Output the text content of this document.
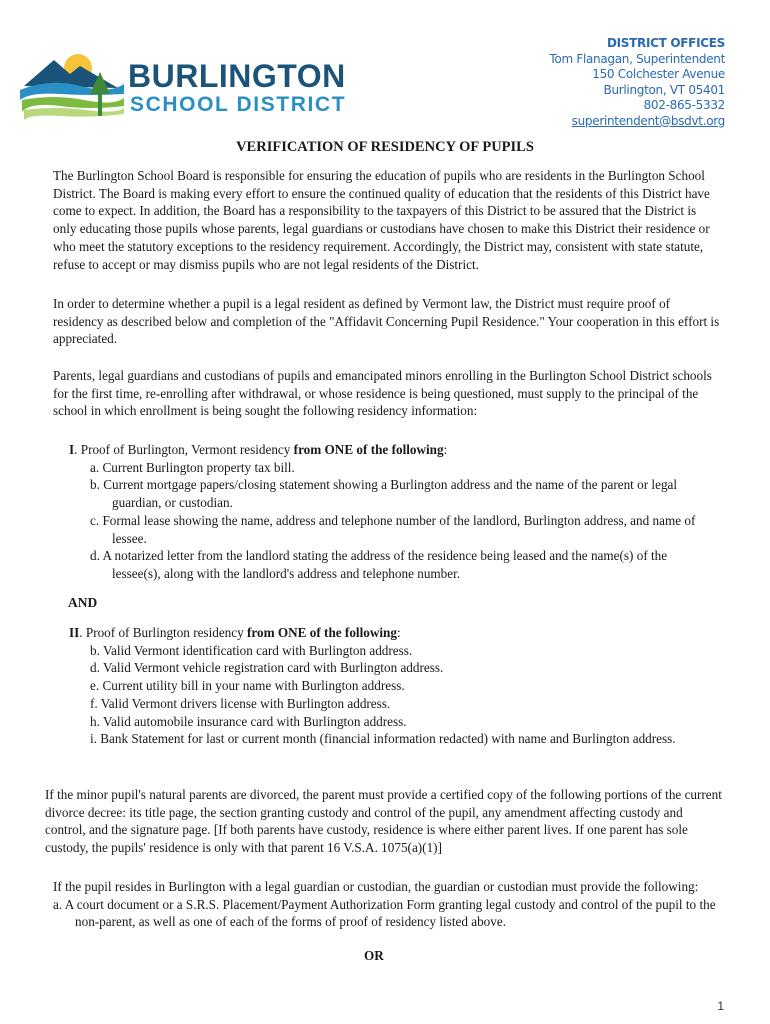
BURLINGTON
SCHOOL DISTRICT
DISTRICT OFFICES
Tom Flanagan, Superintendent
150 Colchester Avenue
Burlington, VT 05401
802-865-5332
superintendent@bsdvt.org
VERIFICATION OF RESIDENCY OF PUPILS
The Burlington School Board is responsible for ensuring the education of pupils who are residents in the Burlington School District. The Board is making every effort to ensure the continued quality of education that the residents of this District have come to expect. In addition, the Board has a responsibility to the taxpayers of this District to be assured that the District is only educating those pupils whose parents, legal guardians or custodians have chosen to make this District their residence or who meet the statutory exceptions to the residency requirement. Accordingly, the District may, consistent with state statute, refuse to accept or may dismiss pupils who are not legal residents of the District.
In order to determine whether a pupil is a legal resident as defined by Vermont law, the District must require proof of residency as described below and completion of the "Affidavit Concerning Pupil Residence." Your cooperation in this effort is appreciated.
Parents, legal guardians and custodians of pupils and emancipated minors enrolling in the Burlington School District schools for the first time, re-enrolling after withdrawal, or whose residence is being questioned, must supply to the principal of the school in which enrollment is being sought the following residency information:
I. Proof of Burlington, Vermont residency from ONE of the following:
a. Current Burlington property tax bill.
b. Current mortgage papers/closing statement showing a Burlington address and the name of the parent or legal guardian, or custodian.
c. Formal lease showing the name, address and telephone number of the landlord, Burlington address, and name of lessee.
d. A notarized letter from the landlord stating the address of the residence being leased and the name(s) of the lessee(s), along with the landlord's address and telephone number.
AND
II. Proof of Burlington residency from ONE of the following:
b. Valid Vermont identification card with Burlington address.
d. Valid Vermont vehicle registration card with Burlington address.
e. Current utility bill in your name with Burlington address.
f. Valid Vermont drivers license with Burlington address.
h. Valid automobile insurance card with Burlington address.
i. Bank Statement for last or current month (financial information redacted) with name and Burlington address.
If the minor pupil's natural parents are divorced, the parent must provide a certified copy of the following portions of the current divorce decree: its title page, the section granting custody and control of the pupil, any amendment affecting custody and control, and the signature page. [If both parents have custody, residence is where either parent lives. If one parent has sole custody, the pupils' residence is only with that parent 16 V.S.A. 1075(a)(1)]
If the pupil resides in Burlington with a legal guardian or custodian, the guardian or custodian must provide the following:
a. A court document or a S.R.S. Placement/Payment Authorization Form granting legal custody and control of the pupil to the non-parent, as well as one of each of the forms of proof of residency listed above.
OR
1
